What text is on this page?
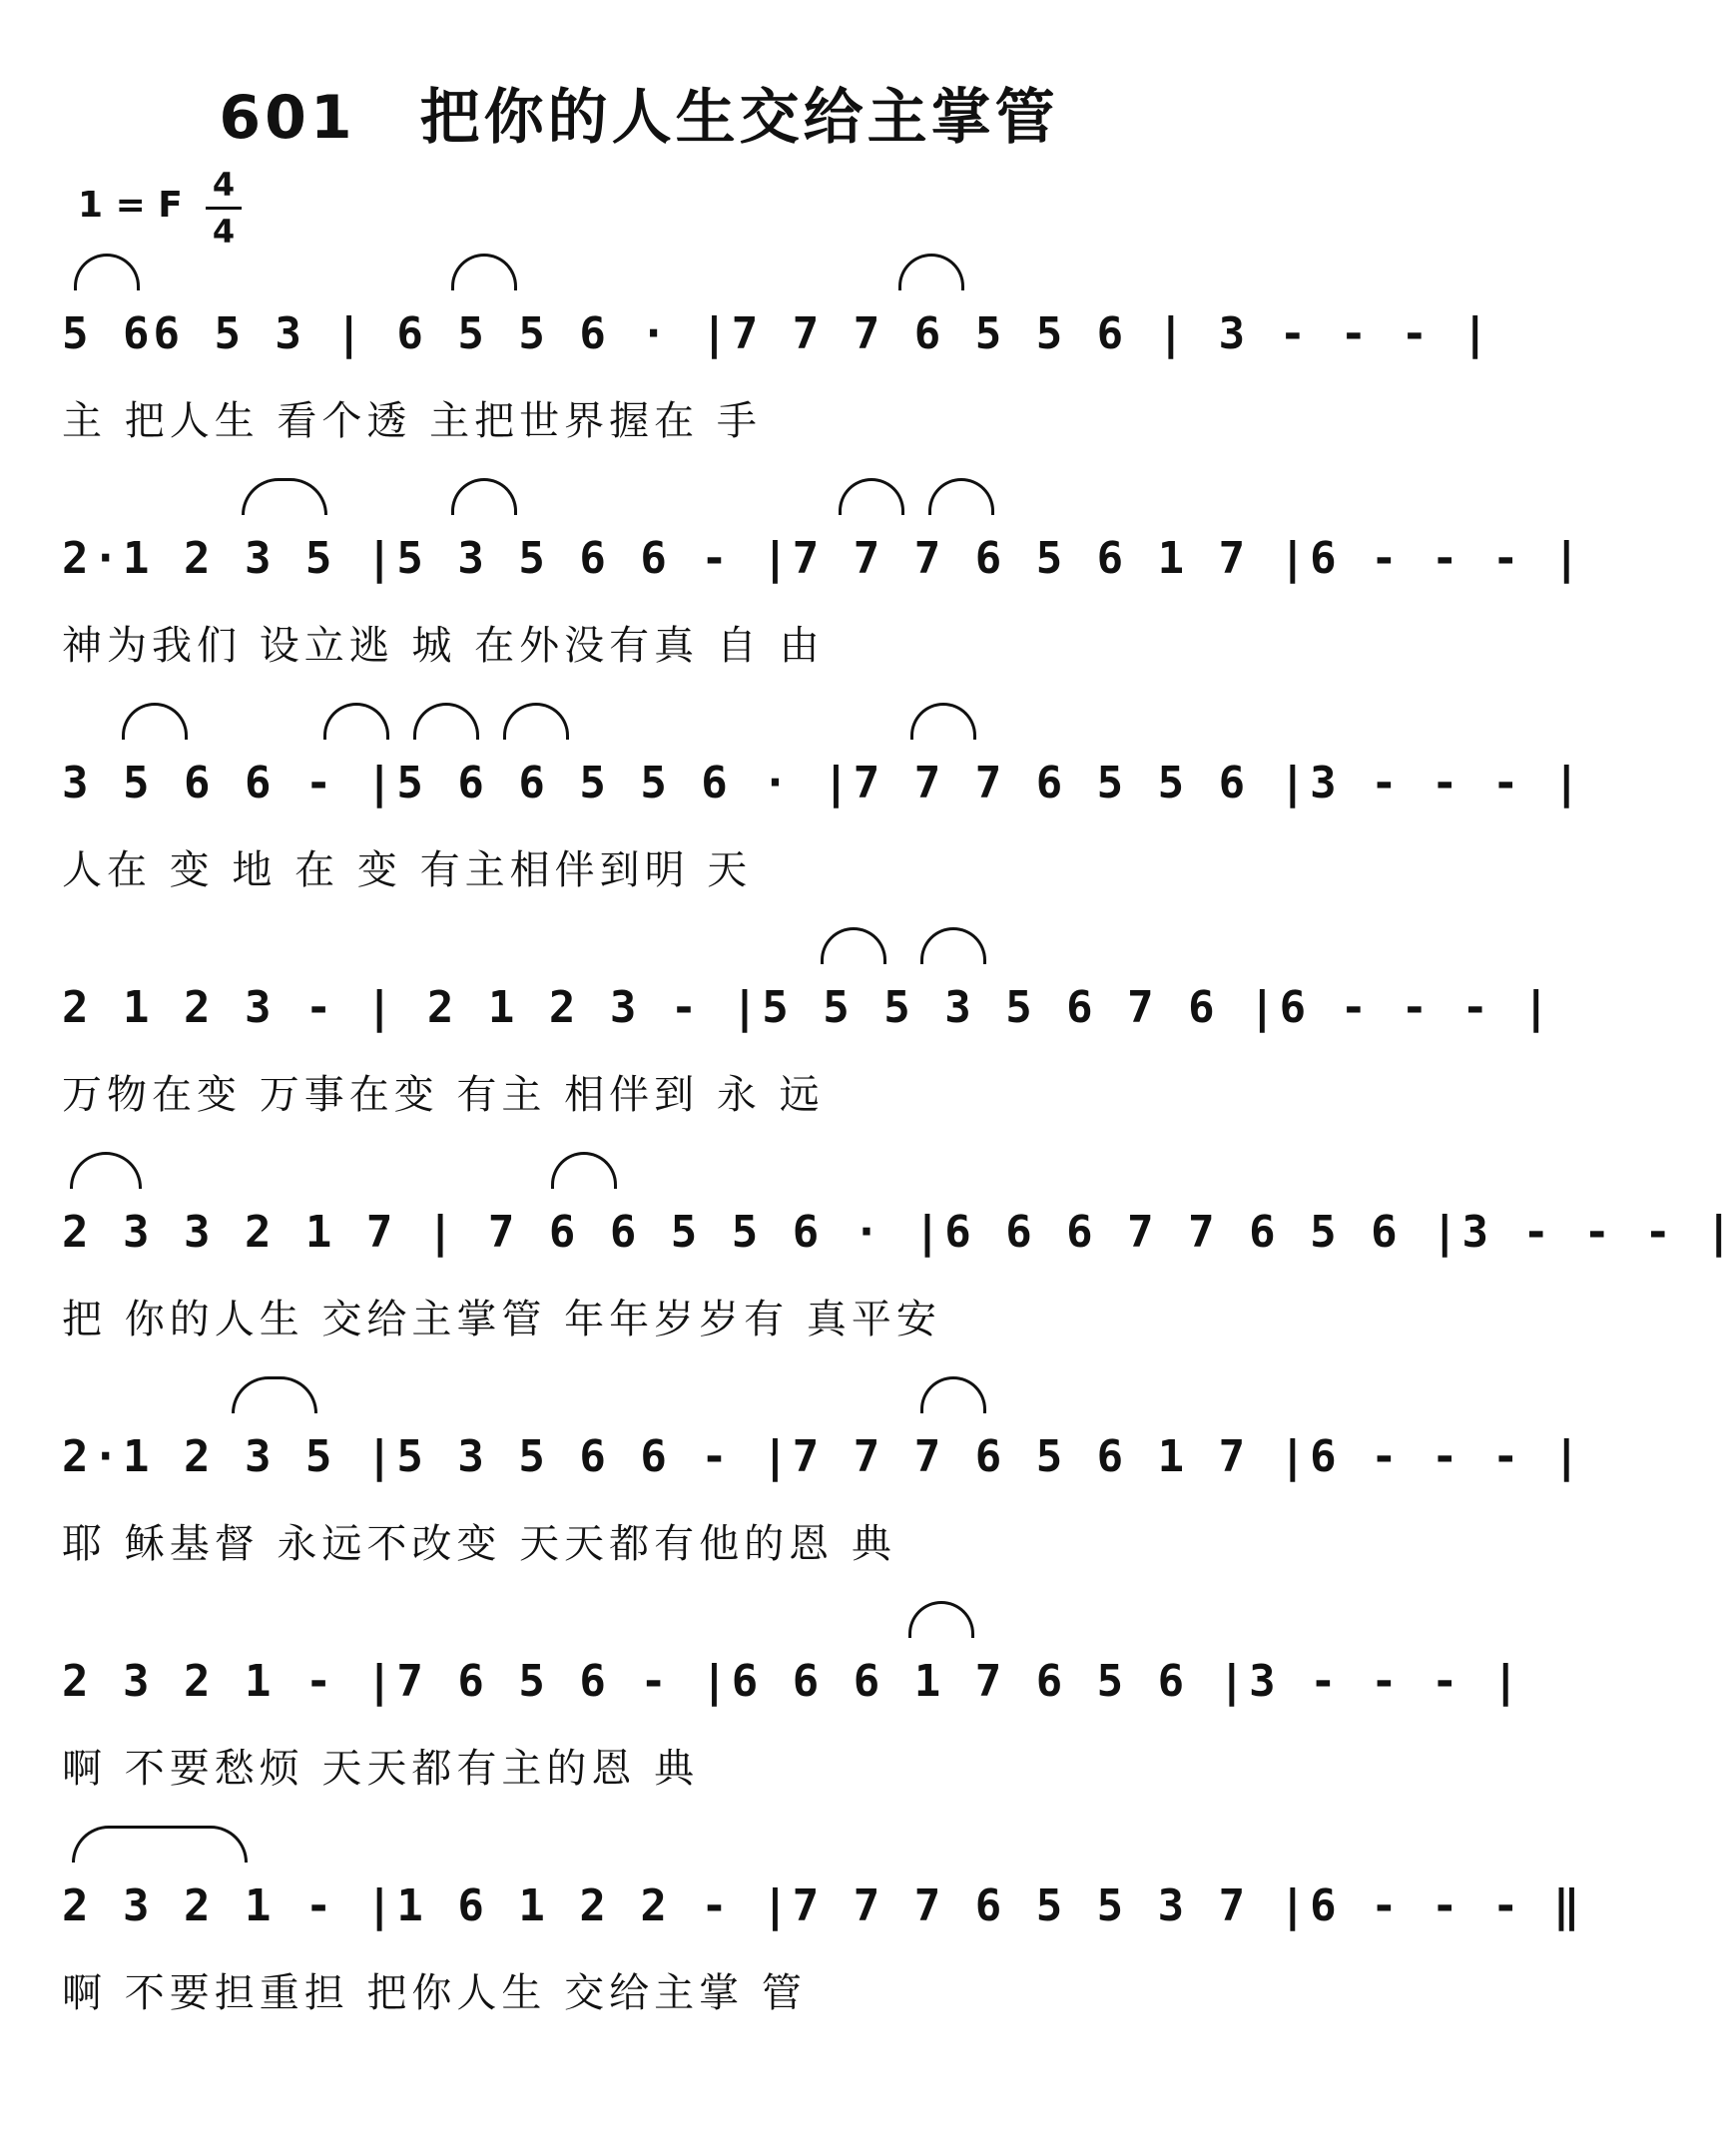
601　把你的人生交给主掌管
1 = F 4
4
5 66 5 3 | 6 5 5 6 · |7 7 7 6 5 5 6 | 3 - - - |
主 把人生 看个透 主把世界握在 手
2·1 2 3 5 |5 3 5 6 6 - |7 7 7 6 5 6 1 7 |6 - - - |
神为我们 设立逃 城 在外没有真 自 由
3 5 6 6 - |5 6 6 5 5 6 · |7 7 7 6 5 5 6 |3 - - - |
人在 变 地 在 变 有主相伴到明 天
2 1 2 3 - | 2 1 2 3 - |5 5 5 3 5 6 7 6 |6 - - - |
万物在变 万事在变 有主 相伴到 永 远
2 3 3 2 1 7 | 7 6 6 5 5 6 · |6 6 6 7 7 6 5 6 |3 - - - |
把 你的人生 交给主掌管 年年岁岁有 真平安
2·1 2 3 5 |5 3 5 6 6 - |7 7 7 6 5 6 1 7 |6 - - - |
耶 稣基督 永远不改变 天天都有他的恩 典
2 3 2 1 - |7 6 5 6 - |6 6 6 1 7 6 5 6 |3 - - - |
啊 不要愁烦 天天都有主的恩 典
2 3 2 1 - |1 6 1 2 2 - |7 7 7 6 5 5 3 7 |6 - - - ‖
啊 不要担重担 把你人生 交给主掌 管
